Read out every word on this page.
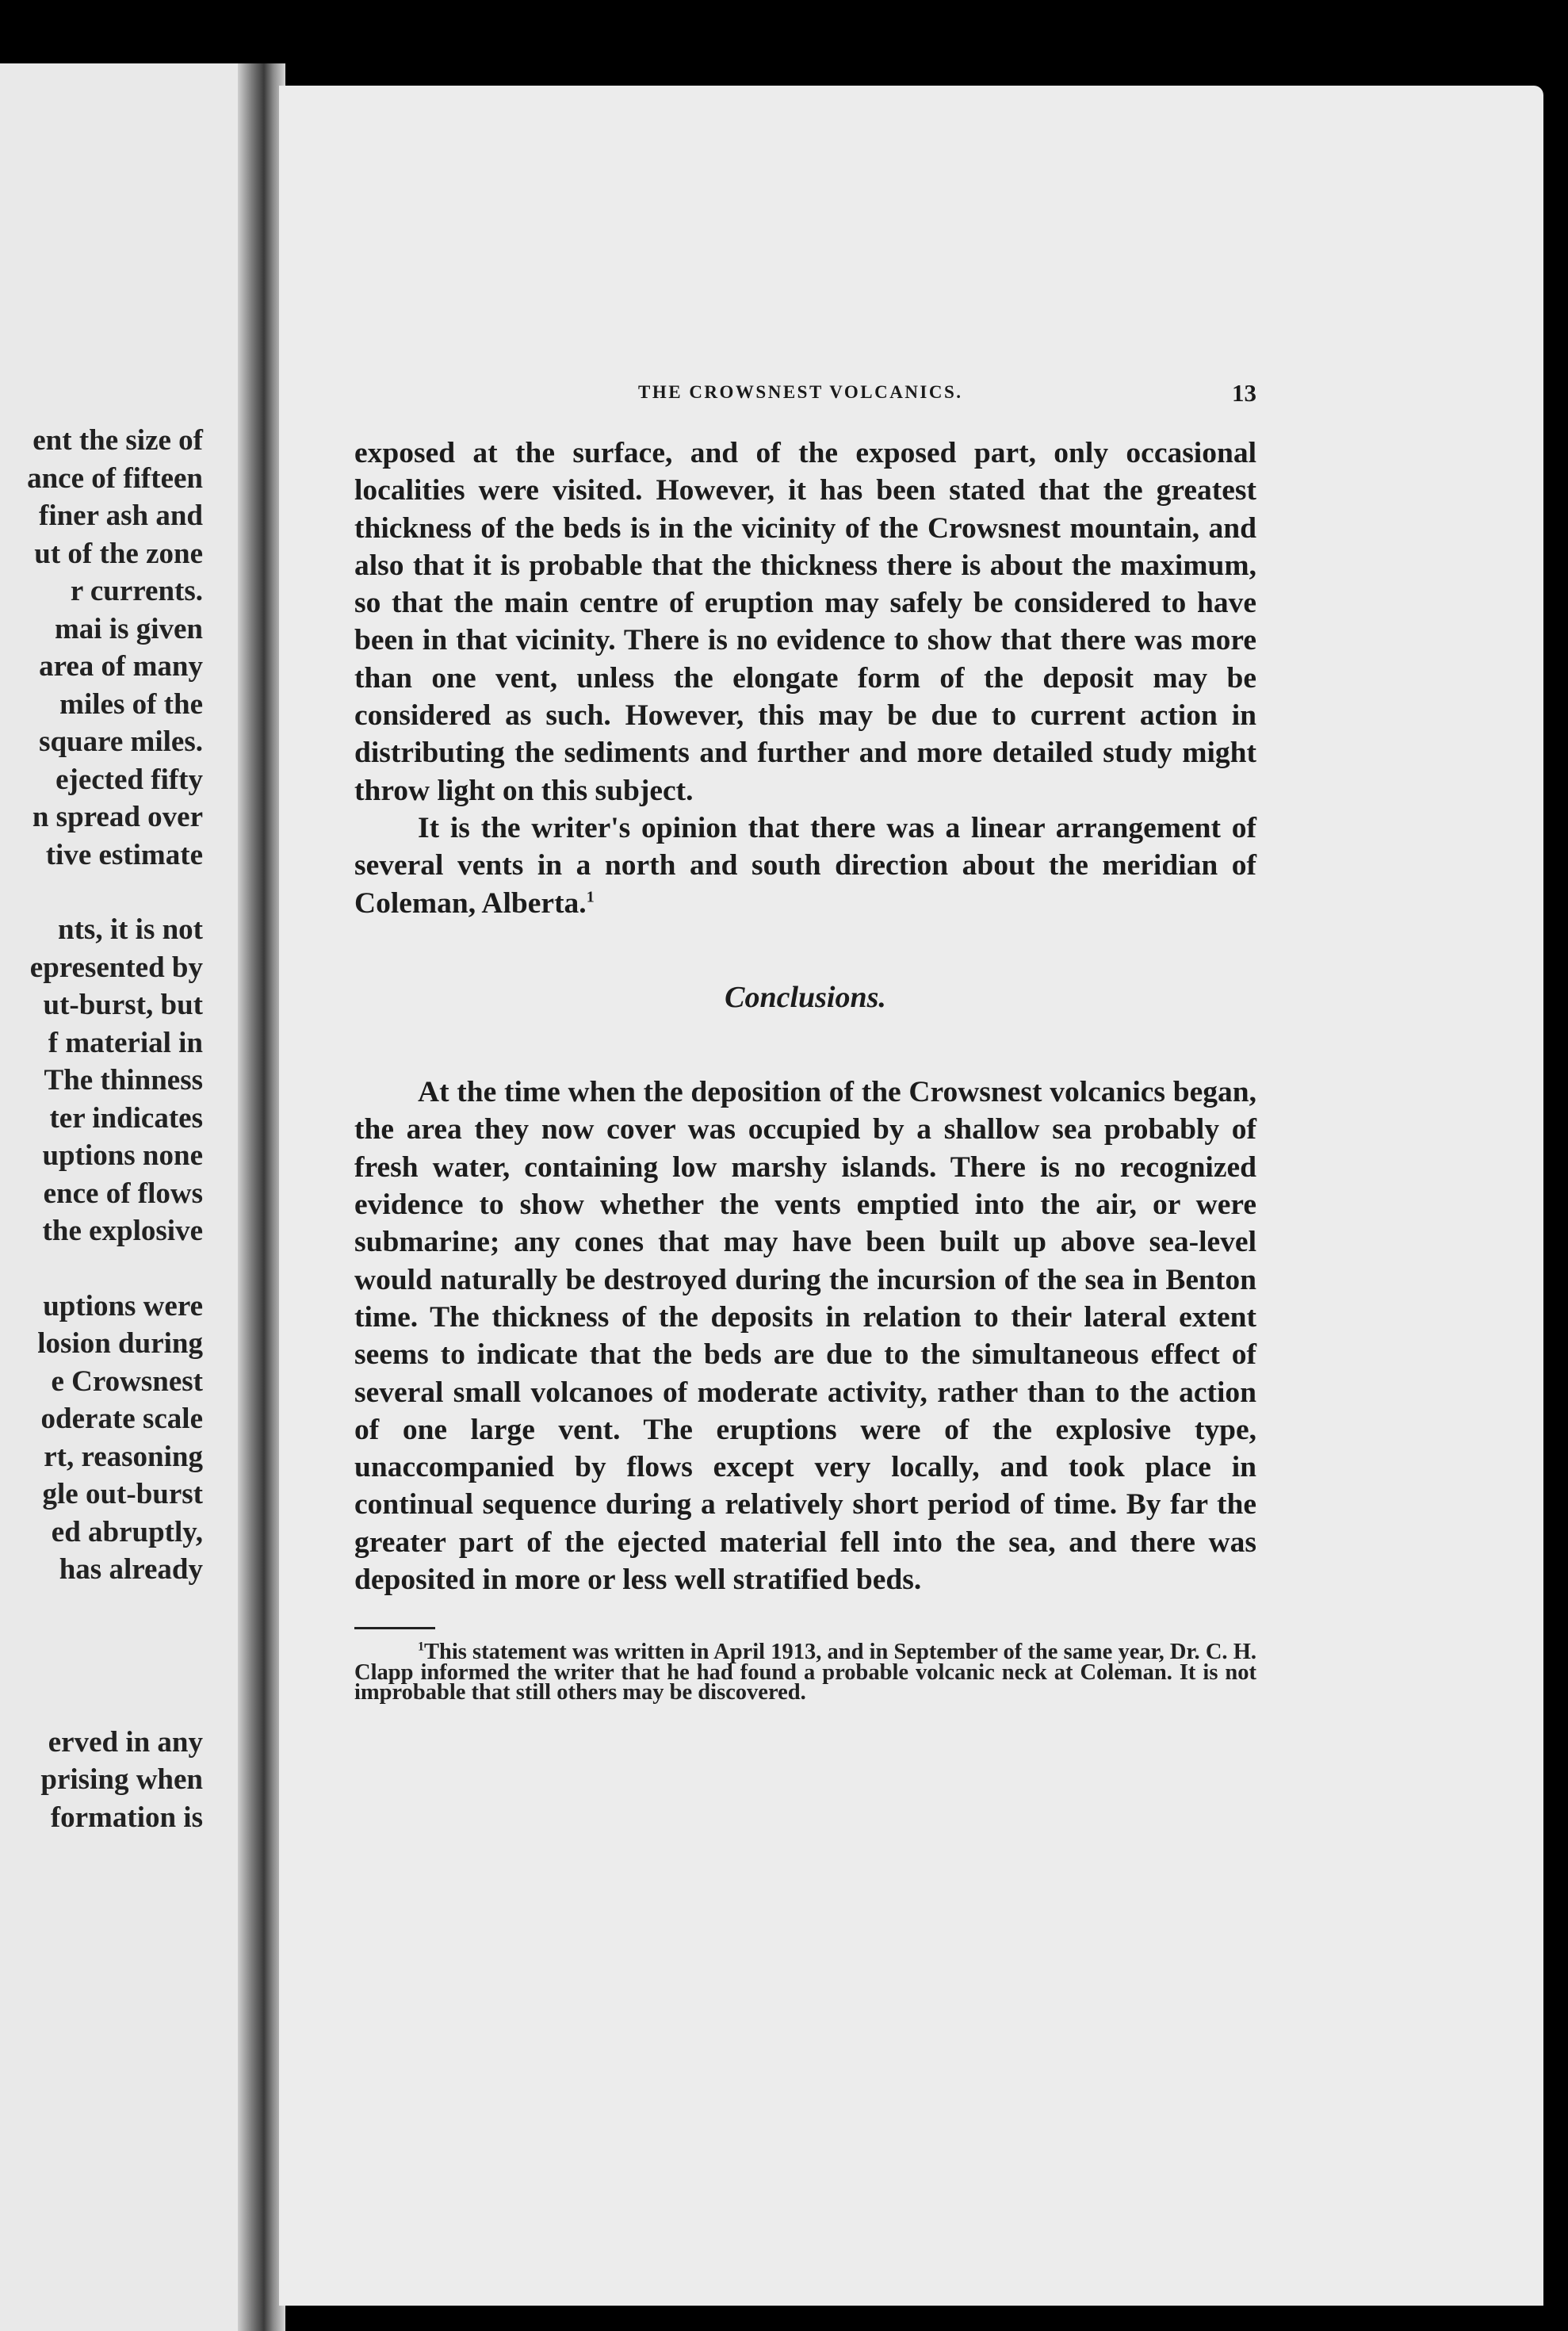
ent the size of
ance of fifteen
finer ash and
ut of the zone
r currents.
mai is given
area of many
miles of the
square miles.
ejected fifty
n spread over
tive estimate
nts, it is not
epresented by
ut-burst, but
f material in
The thinness
ter indicates
uptions none
ence of flows
the explosive
uptions were
losion during
e Crowsnest
oderate scale
rt, reasoning
gle out-burst
ed abruptly,
has already
erved in any
prising when
formation is
THE CROWSNEST VOLCANICS.	13

exposed at the surface, and of the exposed part, only occasional localities were visited. However, it has been stated that the greatest thickness of the beds is in the vicinity of the Crowsnest mountain, and also that it is probable that the thickness there is about the maximum, so that the main centre of eruption may safely be considered to have been in that vicinity. There is no evidence to show that there was more than one vent, unless the elongate form of the deposit may be considered as such. However, this may be due to current action in distributing the sediments and further and more detailed study might throw light on this subject.

It is the writer's opinion that there was a linear arrangement of several vents in a north and south direction about the meridian of Coleman, Alberta.$^1$

Conclusions.

At the time when the deposition of the Crowsnest volcanics began, the area they now cover was occupied by a shallow sea probably of fresh water, containing low marshy islands. There is no recognized evidence to show whether the vents emptied into the air, or were submarine; any cones that may have been built up above sea-level would naturally be destroyed during the incursion of the sea in Benton time. The thickness of the deposits in relation to their lateral extent seems to indicate that the beds are due to the simultaneous effect of several small volcanoes of moderate activity, rather than to the action of one large vent. The eruptions were of the explosive type, unaccompanied by flows except very locally, and took place in continual sequence during a relatively short period of time. By far the greater part of the ejected material fell into the sea, and there was deposited in more or less well stratified beds.

$^1$This statement was written in April 1913, and in September of the same year, Dr. C. H. Clapp informed the writer that he had found a probable volcanic neck at Coleman. It is not improbable that still others may be discovered.
